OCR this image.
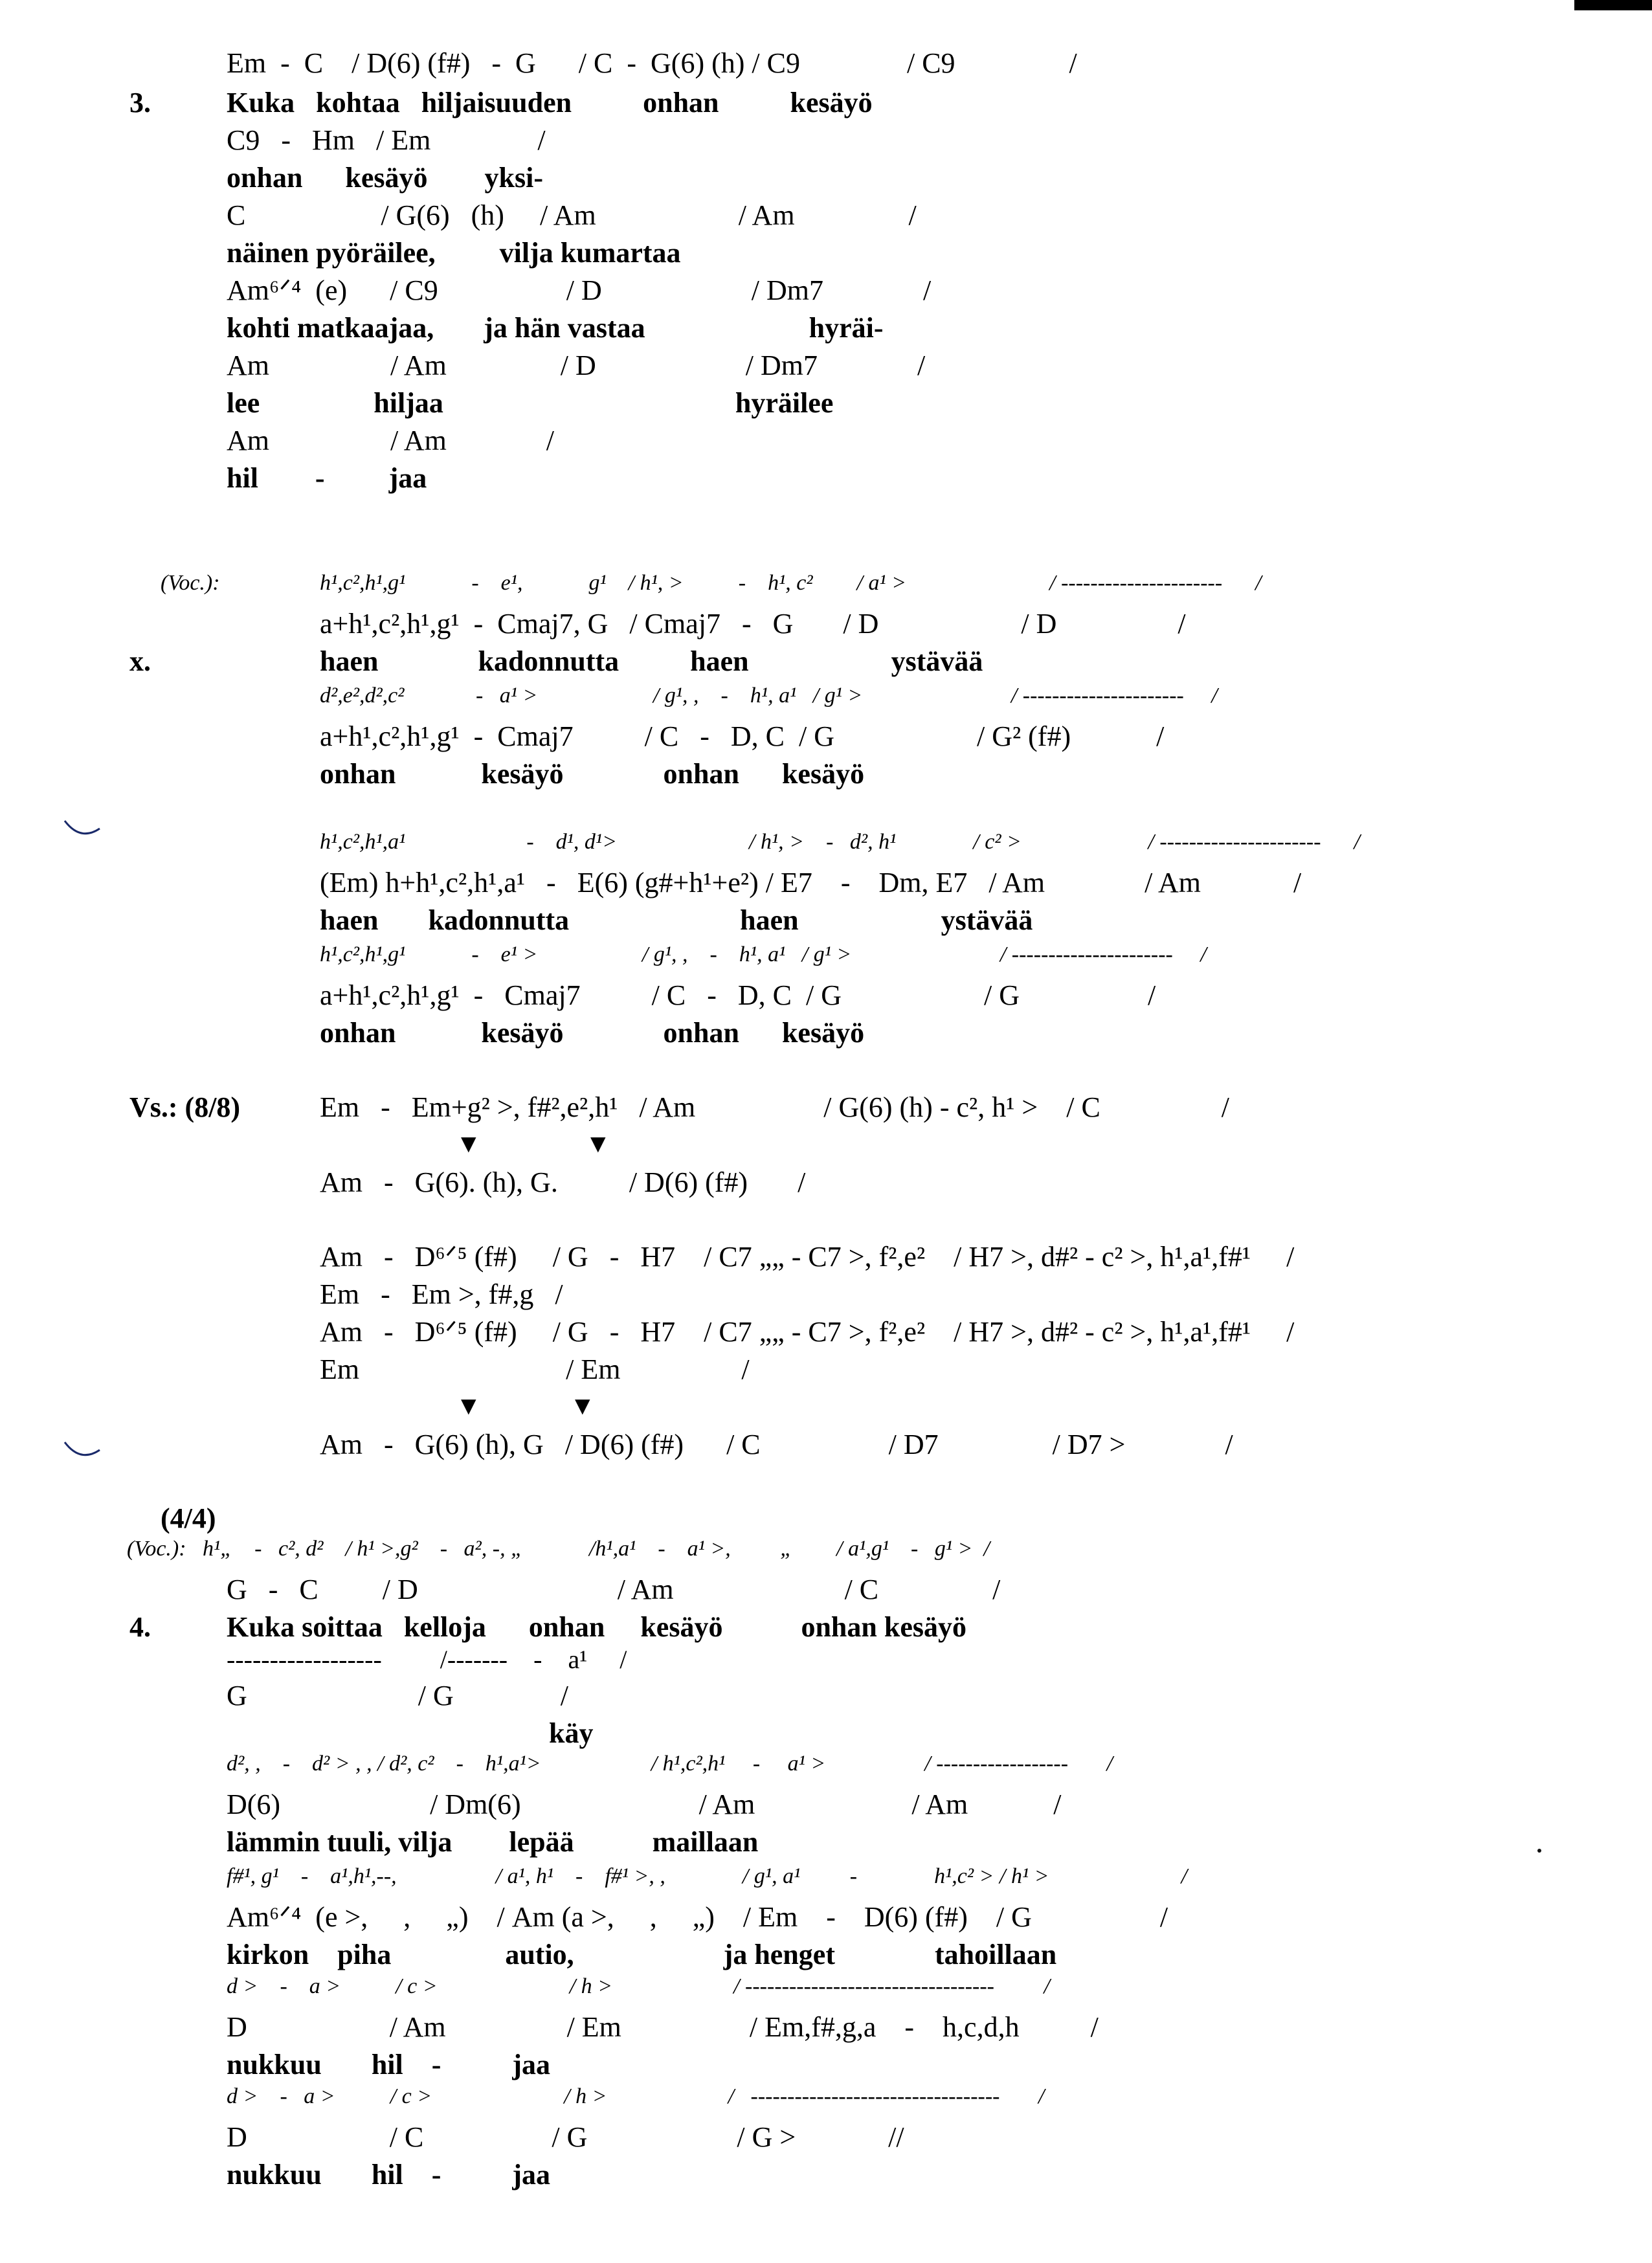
Em  -  C    / D(6) (f#)   -  G      / C  -  G(6) (h) / C9               / C9                /
3.	Kuka   kohtaa   hiljaisuuden          onhan          kesäyö
C9   -   Hm   / Em               /
onhan      kesäyö        yksi-
C                   / G(6)   (h)     / Am                    / Am                /
näinen pyöräilee,         vilja kumartaa
Am⁶ᐟ⁴  (e)      / C9                  / D                     / Dm7              /
kohti matkaajaa,       ja hän vastaa                       hyräi-
Am                 / Am                / D                     / Dm7              /
lee                hiljaa                                         hyräilee
Am                 / Am              /
hil        -         jaa
(Voc.):	h¹,c²,h¹,g¹            -    e¹,            g¹    / h¹, >          -    h¹, c²        / a¹ >                          / ----------------------      /
a+h¹,c²,h¹,g¹  -  Cmaj7, G   / Cmaj7   -   G       / D                    / D                 /
x.	haen              kadonnutta          haen                    ystävää
d²,e²,d²,c²             -   a¹ >                     / g¹, ,    -    h¹, a¹   / g¹ >                           / ----------------------     /
a+h¹,c²,h¹,g¹  -  Cmaj7          / C   -   D, C  / G                    / G² (f#)            /
onhan            kesäyö              onhan      kesäyö
h¹,c²,h¹,a¹                      -    d¹, d¹>                        / h¹, >    -   d², h¹              / c² >                       / ----------------------      /
(Em) h+h¹,c²,h¹,a¹   -   E(6) (g#+h¹+e²) / E7    -    Dm, E7   / Am              / Am             /
haen       kadonnutta                        haen                    ystävää
h¹,c²,h¹,g¹            -    e¹ >                   / g¹, ,    -    h¹, a¹   / g¹ >                           / ----------------------     /
a+h¹,c²,h¹,g¹  -   Cmaj7          / C   -   D, C  / G                    / G                  /
onhan            kesäyö              onhan      kesäyö
Vs.: (8/8)	Em   -   Em+g² >, f#²,e²,h¹   / Am                  / G(6) (h) - c², h¹ >    / C                 /
▼	▼
Am   -   G(6). (h), G.          / D(6) (f#)       /
Am   -   D⁶ᐟ⁵ (f#)     / G   -   H7    / C7 „„ - C7 >, f²,e²    / H7 >, d#² - c² >, h¹,a¹,f#¹     /
Em   -   Em >, f#,g   /
Am   -   D⁶ᐟ⁵ (f#)     / G   -   H7    / C7 „„ - C7 >, f²,e²    / H7 >, d#² - c² >, h¹,a¹,f#¹     /
Em                             / Em                 /
▼	▼
Am   -   G(6) (h), G   / D(6) (f#)      / C                  / D7                / D7 >              /
(4/4)
(Voc.):   h¹„    -   c², d²    / h¹ >,g²    -   a², -, „            /h¹,a¹    -    a¹ >,         „        / a¹,g¹    -   g¹ >  /
G   -   C         / D                            / Am                        / C                /
4.	Kuka soittaa   kelloja      onhan     kesäyö           onhan kesäyö
------------------         /-------    -    a¹     /
G                        / G               /
käy
d², ,    -    d² > , , / d², c²    -    h¹,a¹>                    / h¹,c²,h¹     -     a¹ >                  / ------------------       /
D(6)                     / Dm(6)                         / Am                      / Am            /
lämmin tuuli, vilja        lepää           maillaan
f#¹, g¹    -    a¹,h¹,--,                  / a¹, h¹    -    f#¹ >, ,              / g¹, a¹         -              h¹,c² > / h¹ >                        /
Am⁶ᐟ⁴  (e >,     ,     „)    / Am (a >,     ,     „)    / Em    -    D(6) (f#)    / G                  /
kirkon    piha                autio,                     ja henget              tahoillaan
d >    -    a >          / c >                        / h >                      / ----------------------------------         /
D                    / Am                 / Em                  / Em,f#,g,a    -    h,c,d,h          /
nukkuu       hil    -          jaa
d >    -   a >          / c >                        / h >                      /   ----------------------------------       /
D                    / C                  / G                     / G >             //
nukkuu       hil    -          jaa
